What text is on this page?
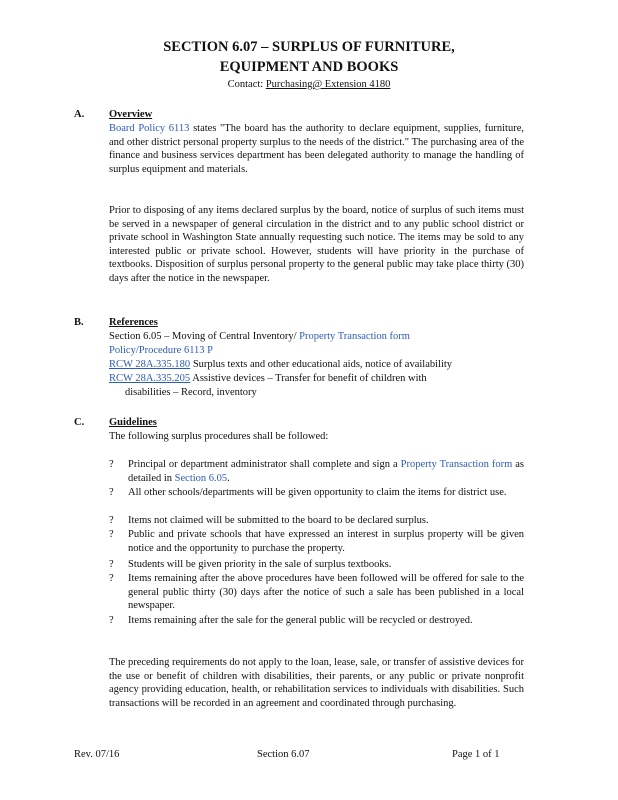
SECTION 6.07 – SURPLUS OF FURNITURE,
EQUIPMENT AND BOOKS
Contact: Purchasing@ Extension 4180
A. Overview
Board Policy 6113 states "The board has the authority to declare equipment, supplies, furniture, and other district personal property surplus to the needs of the district." The purchasing area of the finance and business services department has been delegated authority to manage the handling of surplus equipment and materials.
Prior to disposing of any items declared surplus by the board, notice of surplus of such items must be served in a newspaper of general circulation in the district and to any public school district or private school in Washington State annually requesting such notice. The items may be sold to any interested public or private school. However, students will have priority in the purchase of textbooks. Disposition of surplus personal property to the general public may take place thirty (30) days after the notice in the newspaper.
B. References
Section 6.05 – Moving of Central Inventory/ Property Transaction form
Policy/Procedure 6113 P
RCW 28A.335.180 Surplus texts and other educational aids, notice of availability
RCW 28A.335.205 Assistive devices – Transfer for benefit of children with
disabilities – Record, inventory
C. Guidelines
The following surplus procedures shall be followed:
? Principal or department administrator shall complete and sign a Property Transaction form as detailed in Section 6.05.
? All other schools/departments will be given opportunity to claim the items for district use.
? Items not claimed will be submitted to the board to be declared surplus.
? Public and private schools that have expressed an interest in surplus property will be given notice and the opportunity to purchase the property.
? Students will be given priority in the sale of surplus textbooks.
? Items remaining after the above procedures have been followed will be offered for sale to the general public thirty (30) days after the notice of such a sale has been published in a local newspaper.
? Items remaining after the sale for the general public will be recycled or destroyed.
The preceding requirements do not apply to the loan, lease, sale, or transfer of assistive devices for the use or benefit of children with disabilities, their parents, or any public or private nonprofit agency providing education, health, or rehabilitation services to individuals with disabilities. Such transactions will be recorded in an agreement and coordinated through purchasing.
Rev. 07/16	Section 6.07	Page 1 of 1
